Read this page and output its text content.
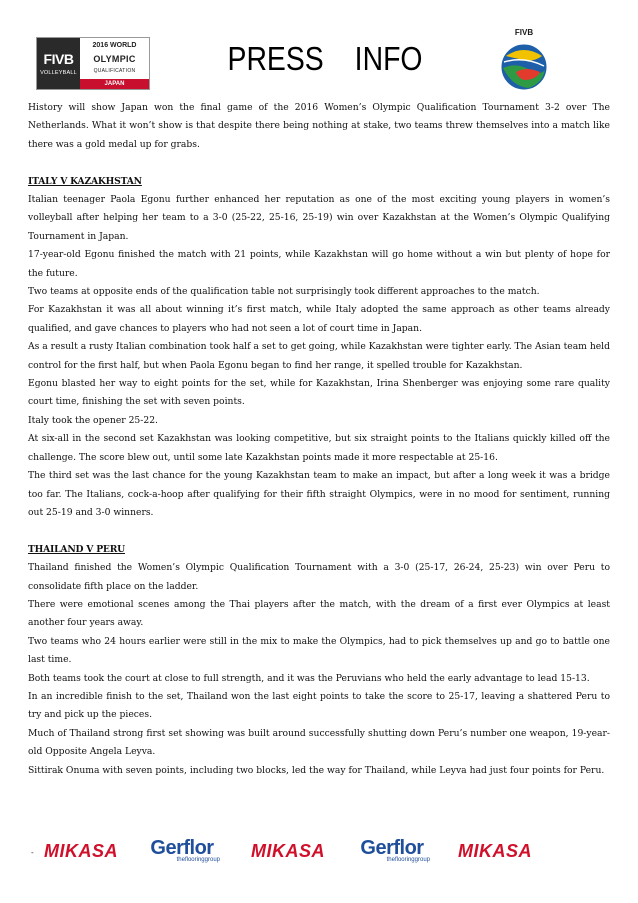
FIVB
VOLLEYBALL
2016 WORLD
OLYMPIC
QUALIFICATION
JAPAN
PRESS INFO
FIVB

History will show Japan won the final game of the 2016 Women’s Olympic Qualification Tournament 3-2 over The Netherlands. What it won’t show is that despite there being nothing at stake, two teams threw themselves into a match like there was a gold medal up for grabs.

ITALY V KAZAKHSTAN

Italian teenager Paola Egonu further enhanced her reputation as one of the most exciting young players in women’s volleyball after helping her team to a 3-0 (25-22, 25-16, 25-19) win over Kazakhstan at the Women’s Olympic Qualifying Tournament in Japan.

17-year-old Egonu finished the match with 21 points, while Kazakhstan will go home without a win but plenty of hope for the future.

Two teams at opposite ends of the qualification table not surprisingly took different approaches to the match.

For Kazakhstan it was all about winning it’s first match, while Italy adopted the same approach as other teams already qualified, and gave chances to players who had not seen a lot of court time in Japan.

As a result a rusty Italian combination took half a set to get going, while Kazakhstan were tighter early. The Asian team held control for the first half, but when Paola Egonu began to find her range, it spelled trouble for Kazakhstan.

Egonu blasted her way to eight points for the set, while for Kazakhstan, Irina Shenberger was enjoying some rare quality court time, finishing the set with seven points.

Italy took the opener 25-22.

At six-all in the second set Kazakhstan was looking competitive, but six straight points to the Italians quickly killed off the challenge. The score blew out, until some late Kazakhstan points made it more respectable at 25-16.

The third set was the last chance for the young Kazakhstan team to make an impact, but after a long week it was a bridge too far. The Italians, cock-a-hoop after qualifying for their fifth straight Olympics, were in no mood for sentiment, running out 25-19 and 3-0 winners.

THAILAND V PERU

Thailand finished the Women’s Olympic Qualification Tournament with a 3-0 (25-17, 26-24, 25-23) win over Peru to consolidate fifth place on the ladder.

There were emotional scenes among the Thai players after the match, with the dream of a first ever Olympics at least another four years away.

Two teams who 24 hours earlier were still in the mix to make the Olympics, had to pick themselves up and go to battle one last time.

Both teams took the court at close to full strength, and it was the Peruvians who held the early advantage to lead 15-13.

In an incredible finish to the set, Thailand won the last eight points to take the score to 25-17, leaving a shattered Peru to try and pick up the pieces.

Much of Thailand strong first set showing was built around successfully shutting down Peru’s number one weapon, 19-year-old Opposite Angela Leyva.

Sittirak Onuma with seven points, including two blocks, led the way for Thailand, while Leyva had just four points for Peru.

- MIKASA Gerflor
theflooringgroup MIKASA Gerflor
theflooringgroup MIKASA
